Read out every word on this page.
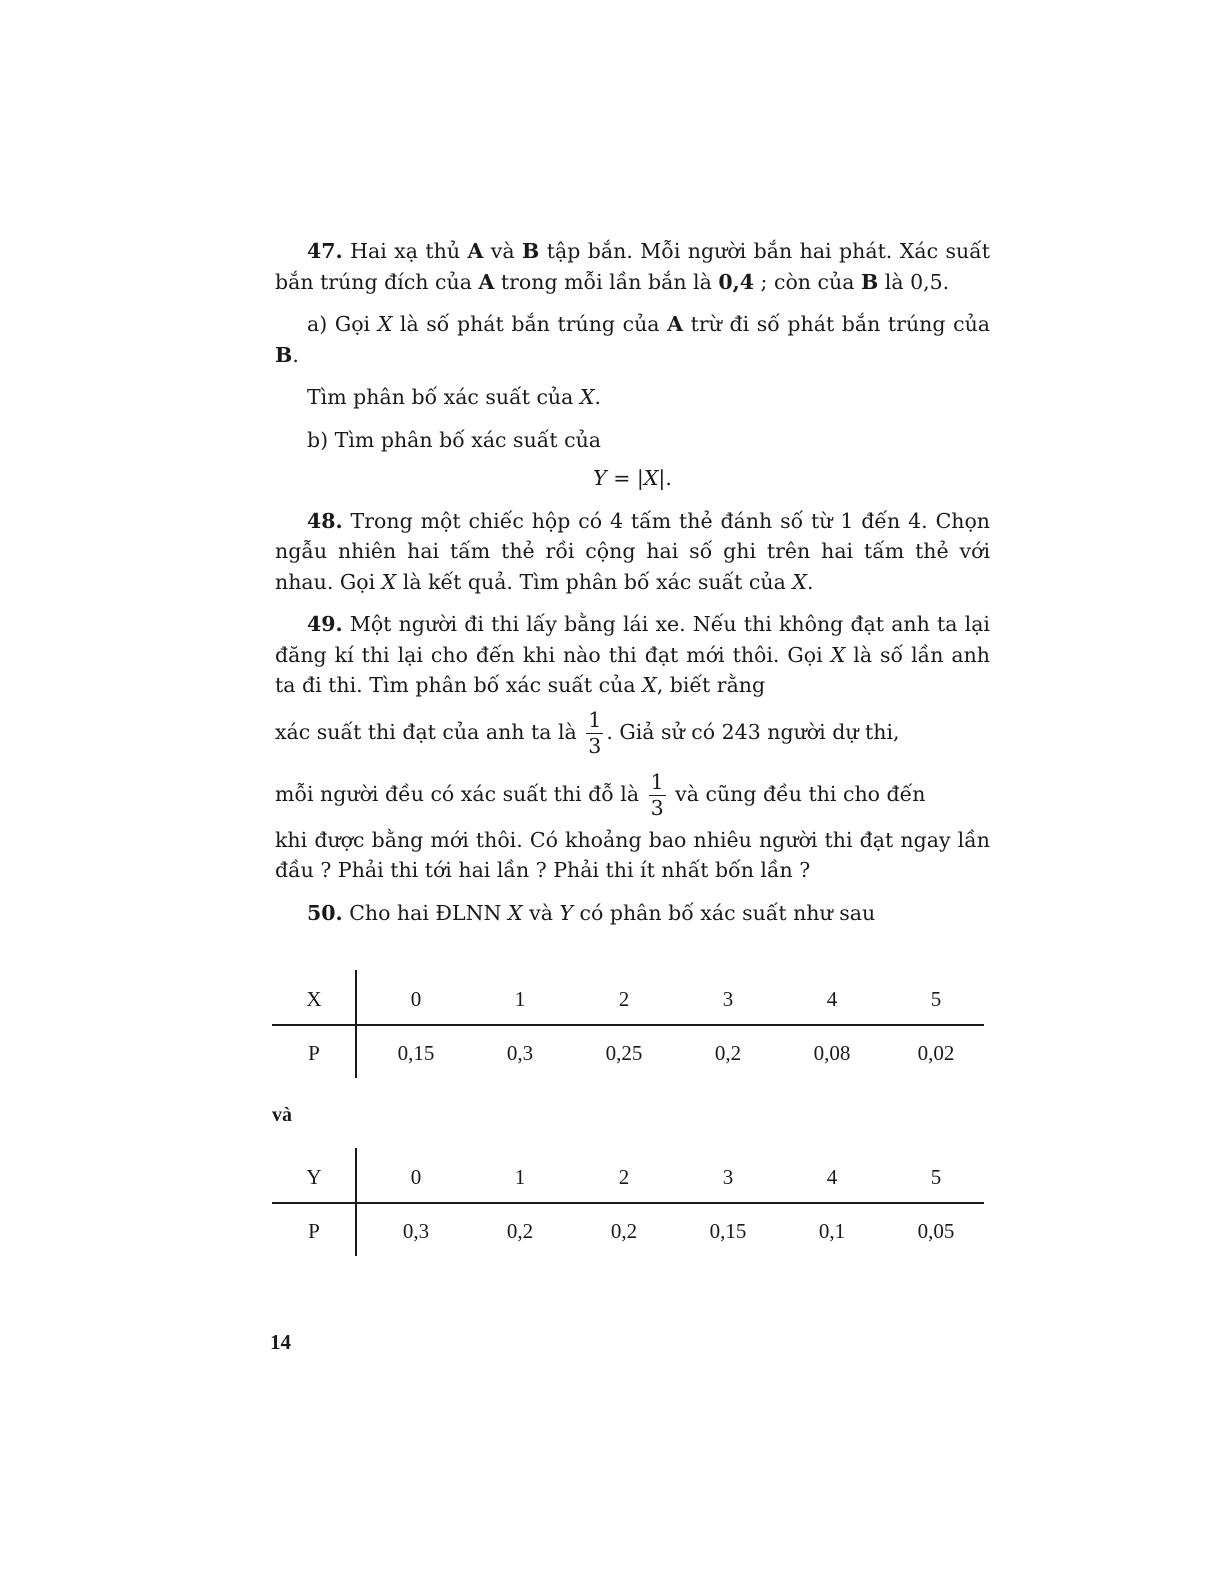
47. Hai xạ thủ A và B tập bắn. Mỗi người bắn hai phát. Xác suất bắn trúng đích của A trong mỗi lần bắn là 0,4 ; còn của B là 0,5.

a) Gọi X là số phát bắn trúng của A trừ đi số phát bắn trúng của B.

Tìm phân bố xác suất của X.

b) Tìm phân bố xác suất của

Y = |X|.

48. Trong một chiếc hộp có 4 tấm thẻ đánh số từ 1 đến 4. Chọn ngẫu nhiên hai tấm thẻ rồi cộng hai số ghi trên hai tấm thẻ với nhau. Gọi X là kết quả. Tìm phân bố xác suất của X.

49. Một người đi thi lấy bằng lái xe. Nếu thi không đạt anh ta lại đăng kí thi lại cho đến khi nào thi đạt mới thôi. Gọi X là số lần anh ta đi thi. Tìm phân bố xác suất của X, biết rằng

xác suất thi đạt của anh ta là $\frac{1}{3}$ . Giả sử có 243 người dự thi,

mỗi người đều có xác suất thi đỗ là $\frac{1}{3}$ và cũng đều thi cho đến

khi được bằng mới thôi. Có khoảng bao nhiêu người thi đạt ngay lần đầu ? Phải thi tới hai lần ? Phải thi ít nhất bốn lần ?

50. Cho hai ĐLNN X và Y có phân bố xác suất như sau

X	0	1	2	3	4	5
P	0,15	0,3	0,25	0,2	0,08	0,02
và
Y	0	1	2	3	4	5
P	0,3	0,2	0,2	0,15	0,1	0,05
14
